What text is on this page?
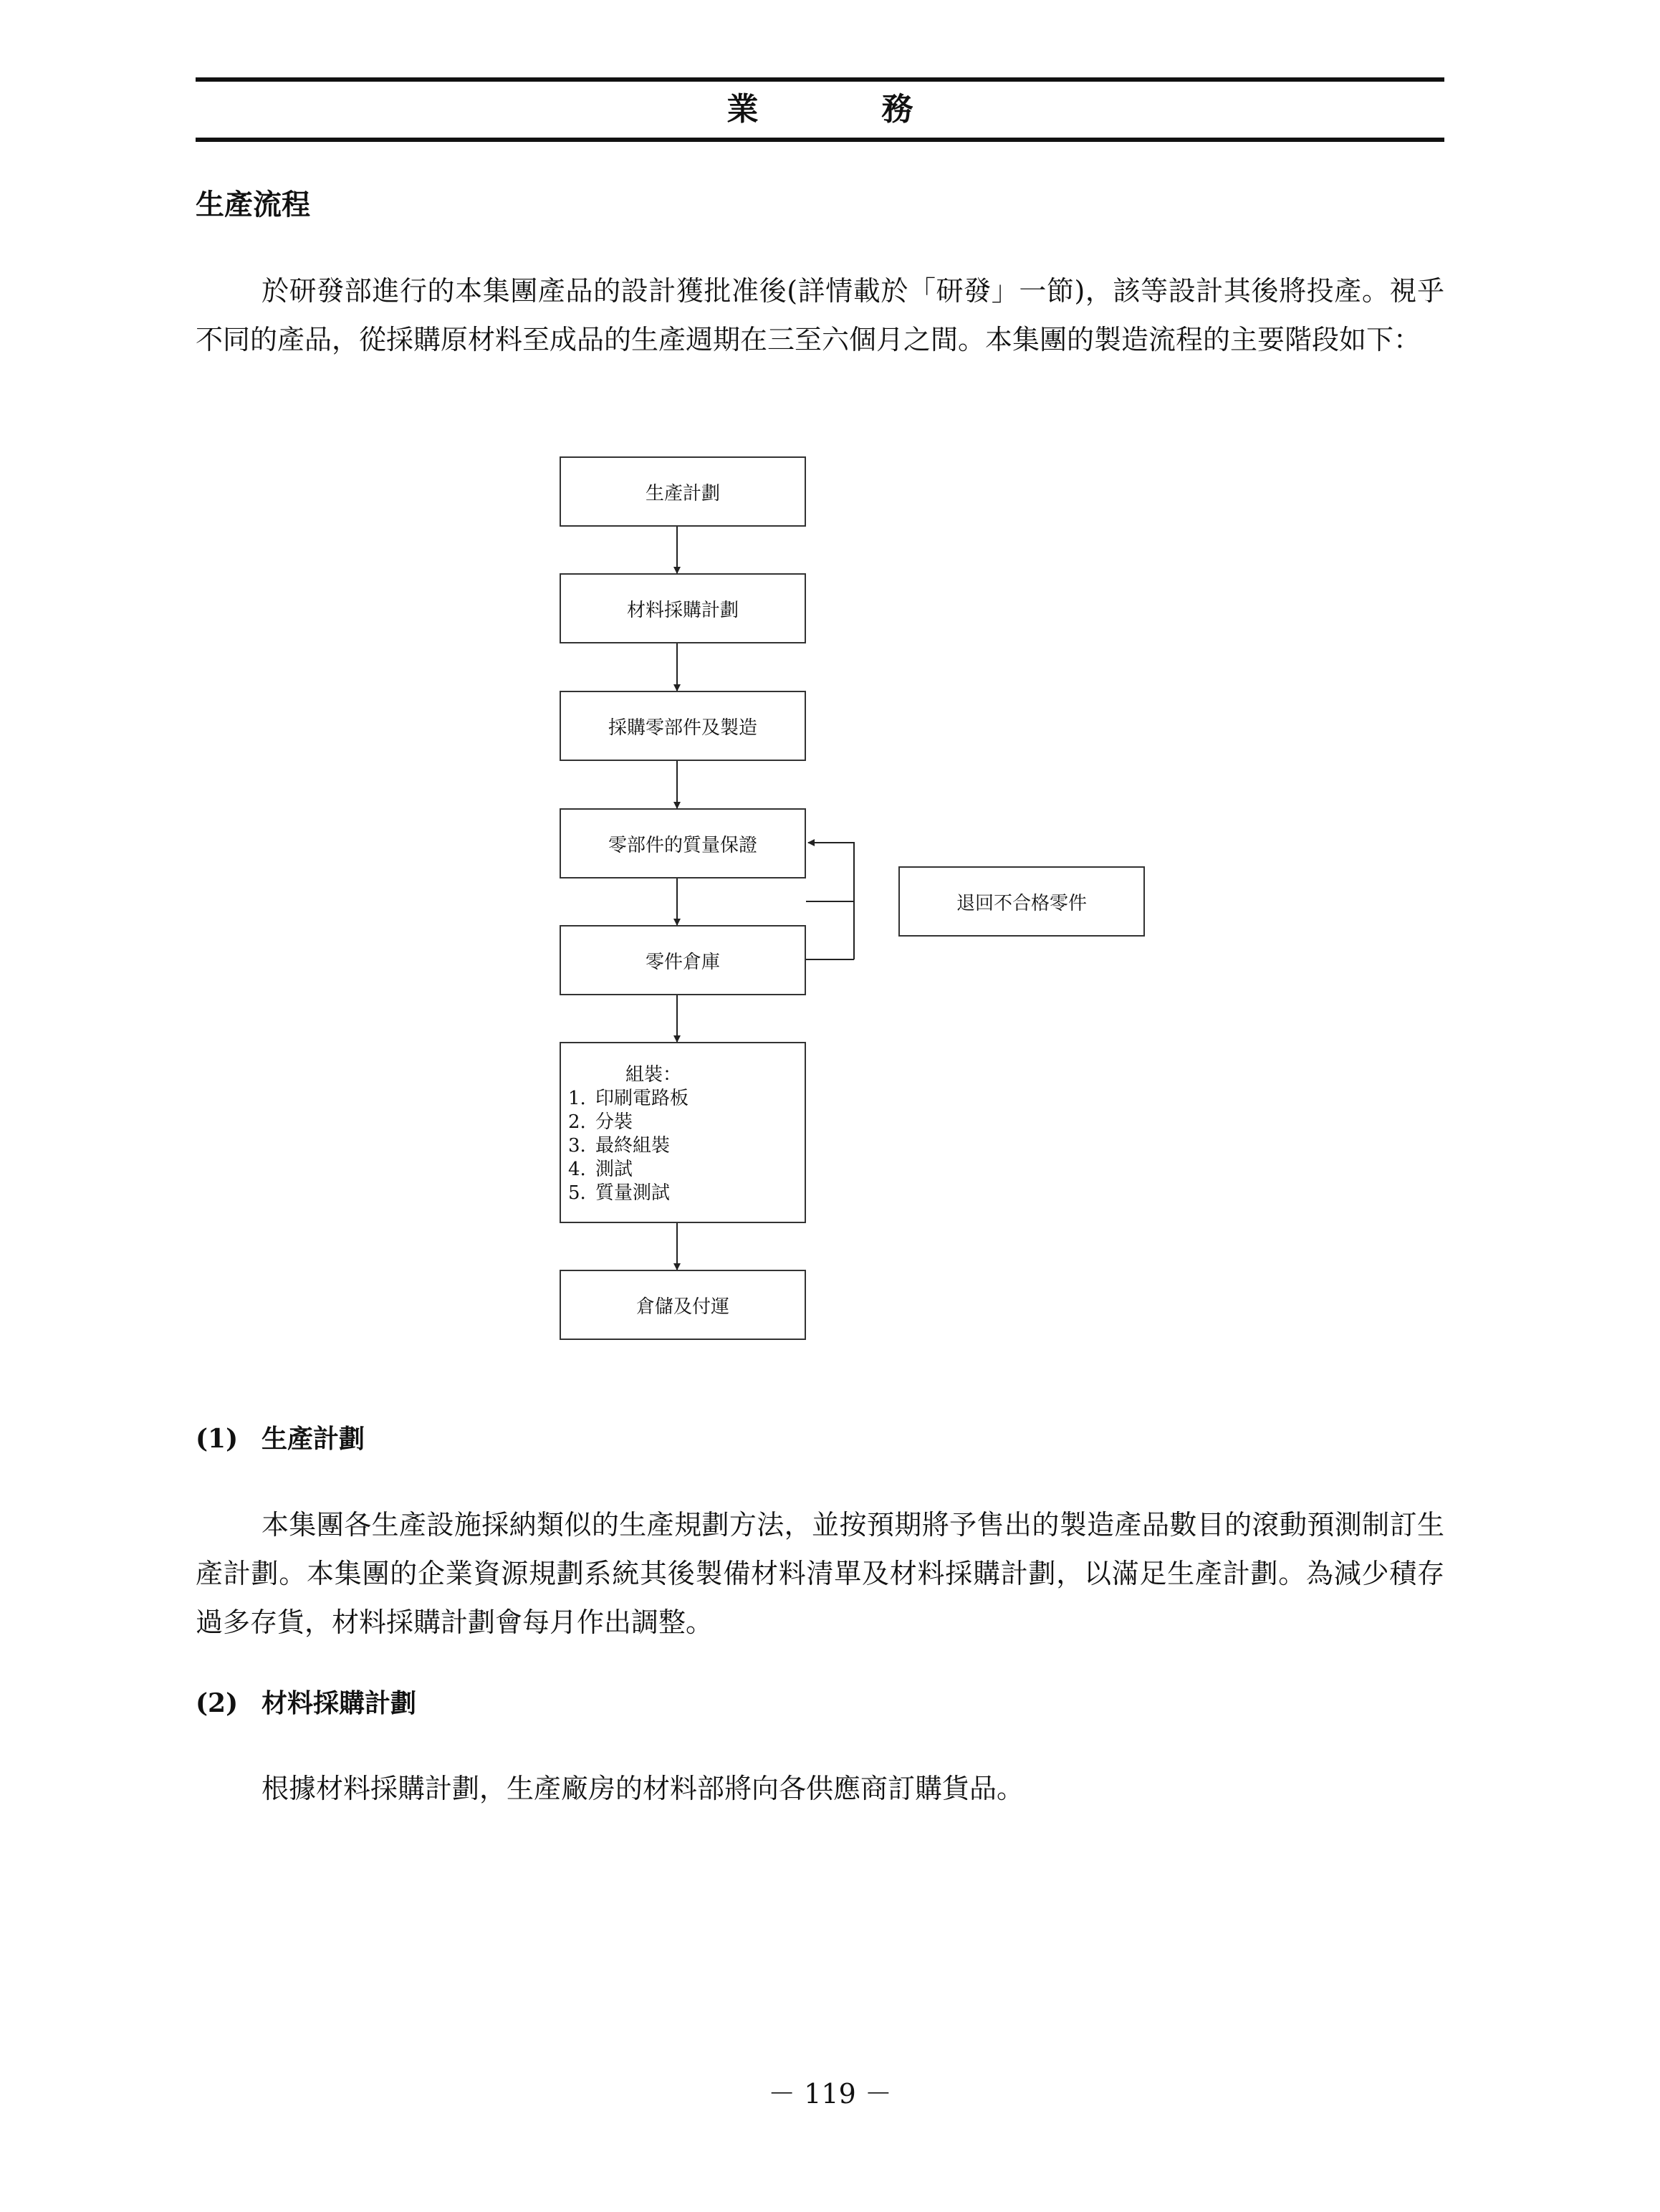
業　務
生產流程

於研發部進行的本集團產品的設計獲批准後(詳情載於「研發」一節)，該等設計其後將投產。視乎不同的產品，從採購原材料至成品的生產週期在三至六個月之間。本集團的製造流程的主要階段如下：

生產計劃
材料採購計劃
採購零部件及製造
零部件的質量保證
退回不合格零件
零件倉庫
組裝：
1. 印刷電路板
2. 分裝
3. 最終組裝
4. 測試
5. 質量測試
倉儲及付運
(1) 生產計劃

本集團各生產設施採納類似的生產規劃方法，並按預期將予售出的製造產品數目的滾動預測制訂生產計劃。本集團的企業資源規劃系統其後製備材料清單及材料採購計劃，以滿足生產計劃。為減少積存過多存貨，材料採購計劃會每月作出調整。

(2) 材料採購計劃

根據材料採購計劃，生產廠房的材料部將向各供應商訂購貨品。

－ 119 －
